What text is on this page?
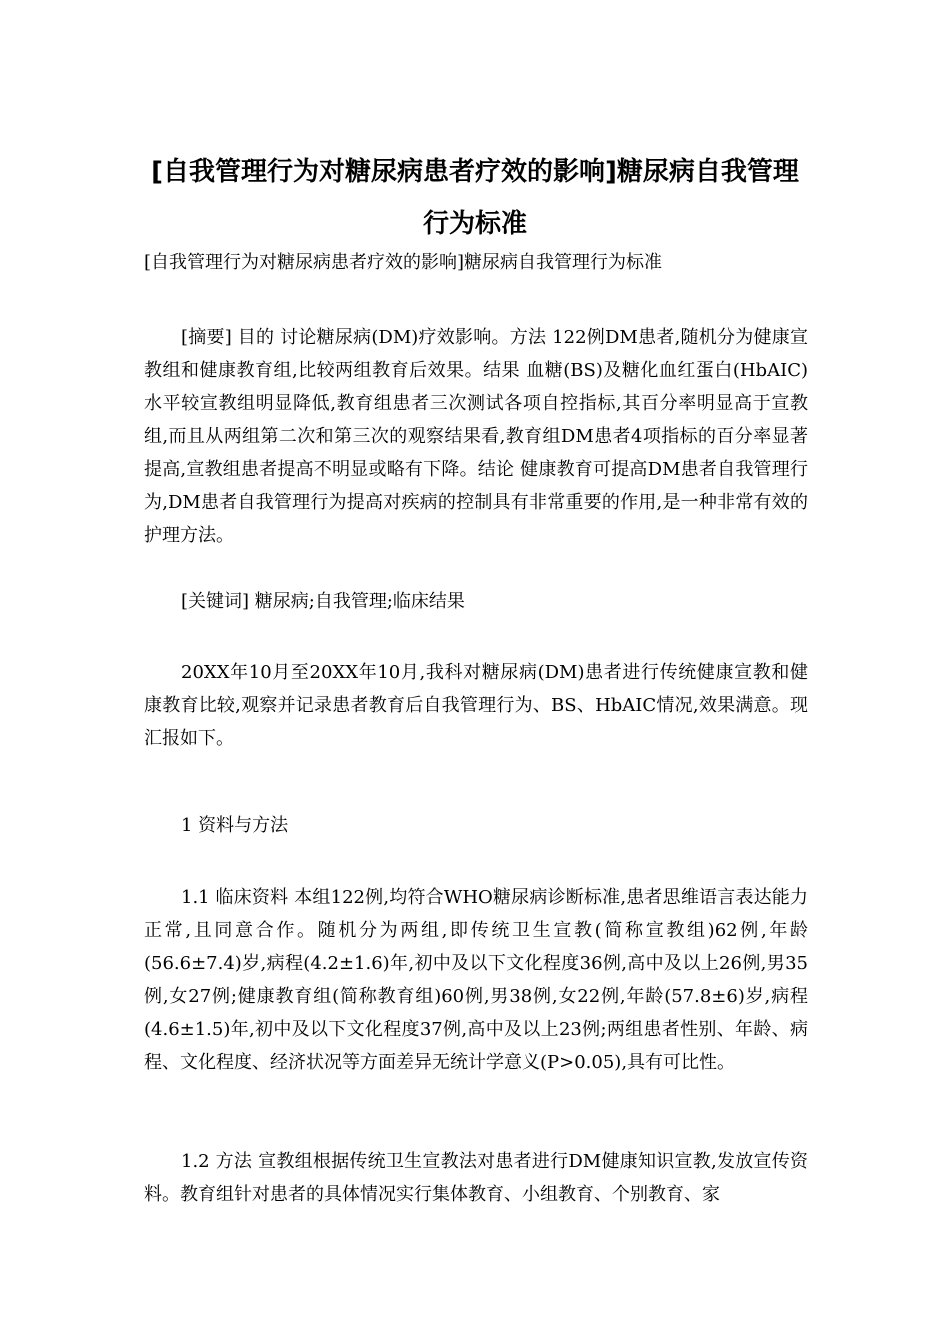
[自我管理行为对糖尿病患者疗效的影响]糖尿病自我管理行为标准

[自我管理行为对糖尿病患者疗效的影响]糖尿病自我管理行为标准

[摘要] 目的 讨论糖尿病(DM)疗效影响。方法 122例DM患者,随机分为健康宣教组和健康教育组,比较两组教育后效果。结果 血糖(BS)及糖化血红蛋白(HbAIC)水平较宣教组明显降低,教育组患者三次测试各项自控指标,其百分率明显高于宣教组,而且从两组第二次和第三次的观察结果看,教育组DM患者4项指标的百分率显著提高,宣教组患者提高不明显或略有下降。结论 健康教育可提高DM患者自我管理行为,DM患者自我管理行为提高对疾病的控制具有非常重要的作用,是一种非常有效的护理方法。

[关键词] 糖尿病;自我管理;临床结果

20XX年10月至20XX年10月,我科对糖尿病(DM)患者进行传统健康宣教和健康教育比较,观察并记录患者教育后自我管理行为、BS、HbAIC情况,效果满意。现汇报如下。

1 资料与方法

1.1 临床资料 本组122例,均符合WHO糖尿病诊断标准,患者思维语言表达能力正常,且同意合作。随机分为两组,即传统卫生宣教(简称宣教组)62例,年龄(56.6±7.4)岁,病程(4.2±1.6)年,初中及以下文化程度36例,高中及以上26例,男35例,女27例;健康教育组(简称教育组)60例,男38例,女22例,年龄(57.8±6)岁,病程(4.6±1.5)年,初中及以下文化程度37例,高中及以上23例;两组患者性别、年龄、病程、文化程度、经济状况等方面差异无统计学意义(P>0.05),具有可比性。

1.2 方法 宣教组根据传统卫生宣教法对患者进行DM健康知识宣教,发放宣传资料。教育组针对患者的具体情况实行集体教育、小组教育、个别教育、家
